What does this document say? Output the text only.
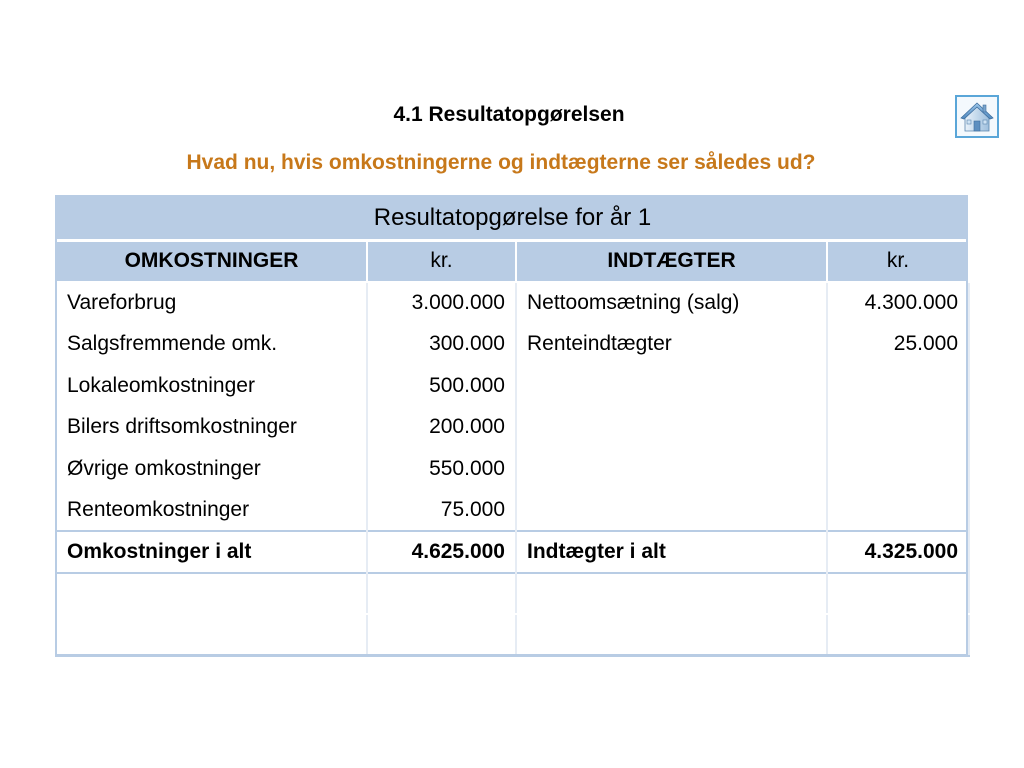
4.1 Resultatopgørelsen
Hvad nu, hvis omkostningerne og indtægterne ser således ud?
Resultatopgørelse for år 1			
OMKOSTNINGER	kr.	INDTÆGTER	kr.
Vareforbrug	3.000.000	Nettoomsætning (salg)	4.300.000
Salgsfremmende omk.	300.000	Renteindtægter	25.000
Lokaleomkostninger	500.000		
Bilers driftsomkostninger	200.000		
Øvrige omkostninger	550.000		
Renteomkostninger	75.000		
Omkostninger i alt	4.625.000	Indtægter i alt	4.325.000
